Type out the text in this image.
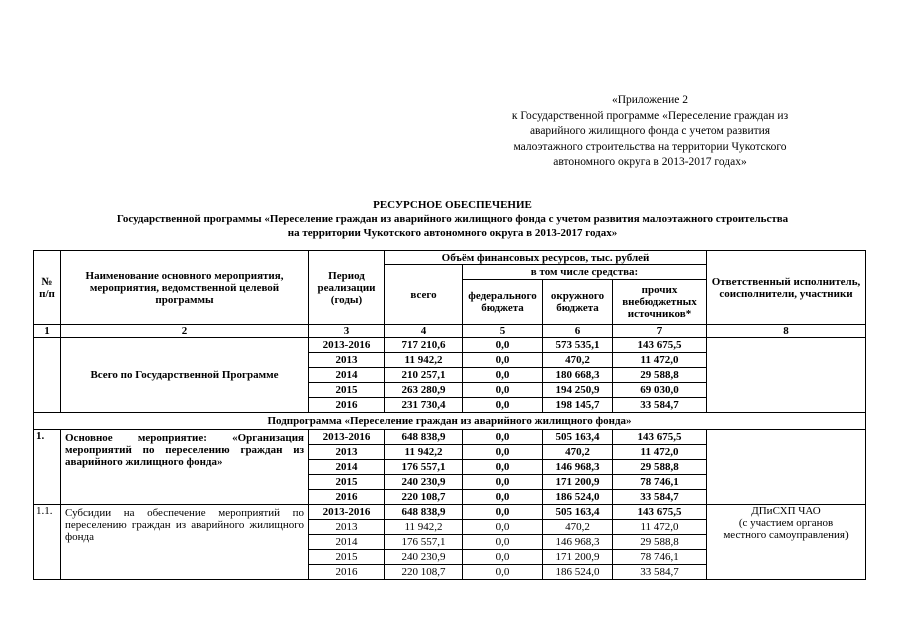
«Приложение 2
к Государственной программе «Переселение граждан из
аварийного жилищного фонда с учетом развития
малоэтажного строительства на территории Чукотского
автономного округа в 2013-2017 годах»
РЕСУРСНОЕ ОБЕСПЕЧЕНИЕ
Государственной программы «Переселение граждан из аварийного жилищного фонда с учетом развития малоэтажного строительства
на территории Чукотского автономного округа в 2013-2017 годах»
№ п/п	Наименование основного мероприятия, мероприятия, ведомственной целевой программы	Период реализации (годы)	Объём финансовых ресурсов, тыс. рублей				Ответственный исполнитель, соисполнители, участники
			всего	в том числе средства:			
				федерального бюджета	окружного бюджета	прочих внебюджетных источников*	
1	2	3	4	5	6	7	8
	Всего по Государственной Программе	2013-2016	717 210,6	0,0	573 535,1	143 675,5	
		2013	11 942,2	0,0	470,2	11 472,0	
		2014	210 257,1	0,0	180 668,3	29 588,8	
		2015	263 280,9	0,0	194 250,9	69 030,0	
		2016	231 730,4	0,0	198 145,7	33 584,7	
Подпрограмма «Переселение граждан из аварийного жилищного фонда»							
1.	Основное мероприятие: «Организация мероприятий по переселению граждан из аварийного жилищного фонда»	2013-2016	648 838,9	0,0	505 163,4	143 675,5	
		2013	11 942,2	0,0	470,2	11 472,0	
		2014	176 557,1	0,0	146 968,3	29 588,8	
		2015	240 230,9	0,0	171 200,9	78 746,1	
		2016	220 108,7	0,0	186 524,0	33 584,7	
1.1.	Субсидии на обеспечение мероприятий по переселению граждан из аварийного жилищного фонда	2013-2016	648 838,9	0,0	505 163,4	143 675,5	ДПиСХП ЧАО
(с участием органов
местного самоуправления)

		2013	11 942,2	0,0	470,2	11 472,0	
		2014	176 557,1	0,0	146 968,3	29 588,8	
		2015	240 230,9	0,0	171 200,9	78 746,1	
		2016	220 108,7	0,0	186 524,0	33 584,7	
